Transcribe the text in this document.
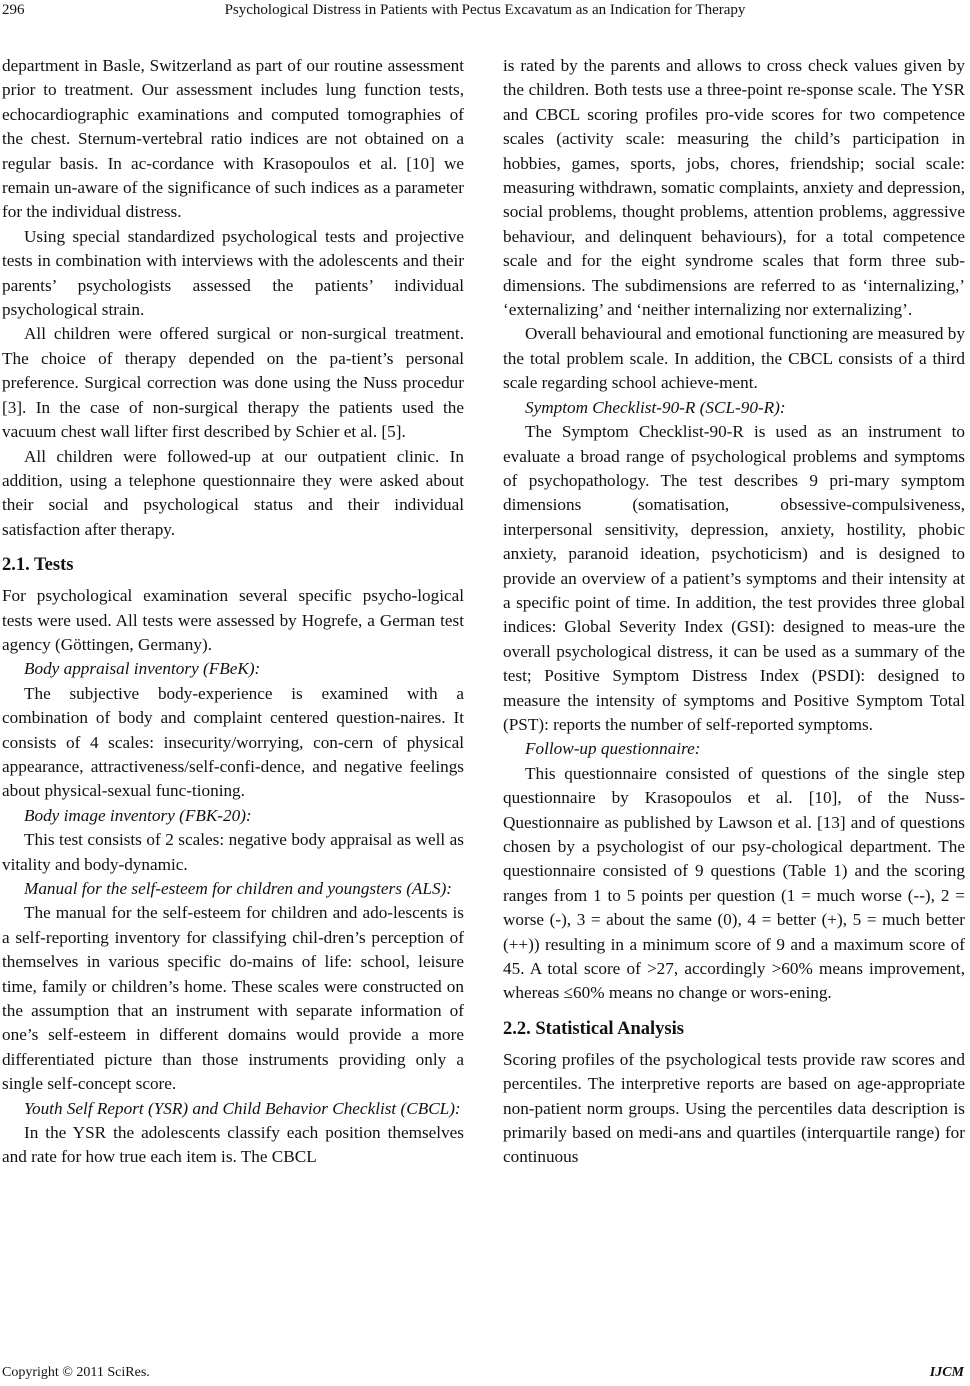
296	Psychological Distress in Patients with Pectus Excavatum as an Indication for Therapy

department in Basle, Switzerland as part of our routine assessment prior to treatment. Our assessment includes lung function tests, echocardiographic examinations and computed tomographies of the chest. Sternum-vertebral ratio indices are not obtained on a regular basis. In ac-cordance with Krasopoulos et al. [10] we remain un-aware of the significance of such indices as a parameter for the individual distress.

Using special standardized psychological tests and projective tests in combination with interviews with the adolescents and their parents’ psychologists assessed the patients’ individual psychological strain.

All children were offered surgical or non-surgical treatment. The choice of therapy depended on the pa-tient’s personal preference. Surgical correction was done using the Nuss procedur [3]. In the case of non-surgical therapy the patients used the vacuum chest wall lifter first described by Schier et al. [5].

All children were followed-up at our outpatient clinic. In addition, using a telephone questionnaire they were asked about their social and psychological status and their individual satisfaction after therapy.

2.1. Tests

For psychological examination several specific psycho-logical tests were used. All tests were assessed by Hogrefe, a German test agency (Göttingen, Germany).

Body appraisal inventory (FBeK):

The subjective body-experience is examined with a combination of body and complaint centered question-naires. It consists of 4 scales: insecurity/worrying, con-cern of physical appearance, attractiveness/self-confi-dence, and negative feelings about physical-sexual func-tioning.

Body image inventory (FBK-20):

This test consists of 2 scales: negative body appraisal as well as vitality and body-dynamic.

Manual for the self-esteem for children and youngsters (ALS):

The manual for the self-esteem for children and ado-lescents is a self-reporting inventory for classifying chil-dren’s perception of themselves in various specific do-mains of life: school, leisure time, family or children’s home. These scales were constructed on the assumption that an instrument with separate information of one’s self-esteem in different domains would provide a more differentiated picture than those instruments providing only a single self-concept score.

Youth Self Report (YSR) and Child Behavior Checklist (CBCL):

In the YSR the adolescents classify each position themselves and rate for how true each item is. The CBCL

is rated by the parents and allows to cross check values given by the children. Both tests use a three-point re-sponse scale. The YSR and CBCL scoring profiles pro-vide scores for two competence scales (activity scale: measuring the child’s participation in hobbies, games, sports, jobs, chores, friendship; social scale: measuring withdrawn, somatic complaints, anxiety and depression, social problems, thought problems, attention problems, aggressive behaviour, and delinquent behaviours), for a total competence scale and for the eight syndrome scales that form three sub-dimensions. The subdimensions are referred to as ‘internalizing,’ ‘externalizing’ and ‘neither internalizing nor externalizing’.

Overall behavioural and emotional functioning are measured by the total problem scale. In addition, the CBCL consists of a third scale regarding school achieve-ment.

Symptom Checklist-90-R (SCL-90-R):

The Symptom Checklist-90-R is used as an instrument to evaluate a broad range of psychological problems and symptoms of psychopathology. The test describes 9 pri-mary symptom dimensions (somatisation, obsessive-compulsiveness, interpersonal sensitivity, depression, anxiety, hostility, phobic anxiety, paranoid ideation, psychoticism) and is designed to provide an overview of a patient’s symptoms and their intensity at a specific point of time. In addition, the test provides three global indices: Global Severity Index (GSI): designed to meas-ure the overall psychological distress, it can be used as a summary of the test; Positive Symptom Distress Index (PSDI): designed to measure the intensity of symptoms and Positive Symptom Total (PST): reports the number of self-reported symptoms.

Follow-up questionnaire:

This questionnaire consisted of questions of the single step questionnaire by Krasopoulos et al. [10], of the Nuss-Questionnaire as published by Lawson et al. [13] and of questions chosen by a psychologist of our psy-chological department. The questionnaire consisted of 9 questions (Table 1) and the scoring ranges from 1 to 5 points per question (1 = much worse (--), 2 = worse (-), 3 = about the same (0), 4 = better (+), 5 = much better (++)) resulting in a minimum score of 9 and a maximum score of 45. A total score of >27, accordingly >60% means improvement, whereas ≤60% means no change or wors-ening.

2.2. Statistical Analysis

Scoring profiles of the psychological tests provide raw scores and percentiles. The interpretive reports are based on age-appropriate non-patient norm groups. Using the percentiles data description is primarily based on medi-ans and quartiles (interquartile range) for continuous

Copyright © 2011 SciRes.	IJCM
